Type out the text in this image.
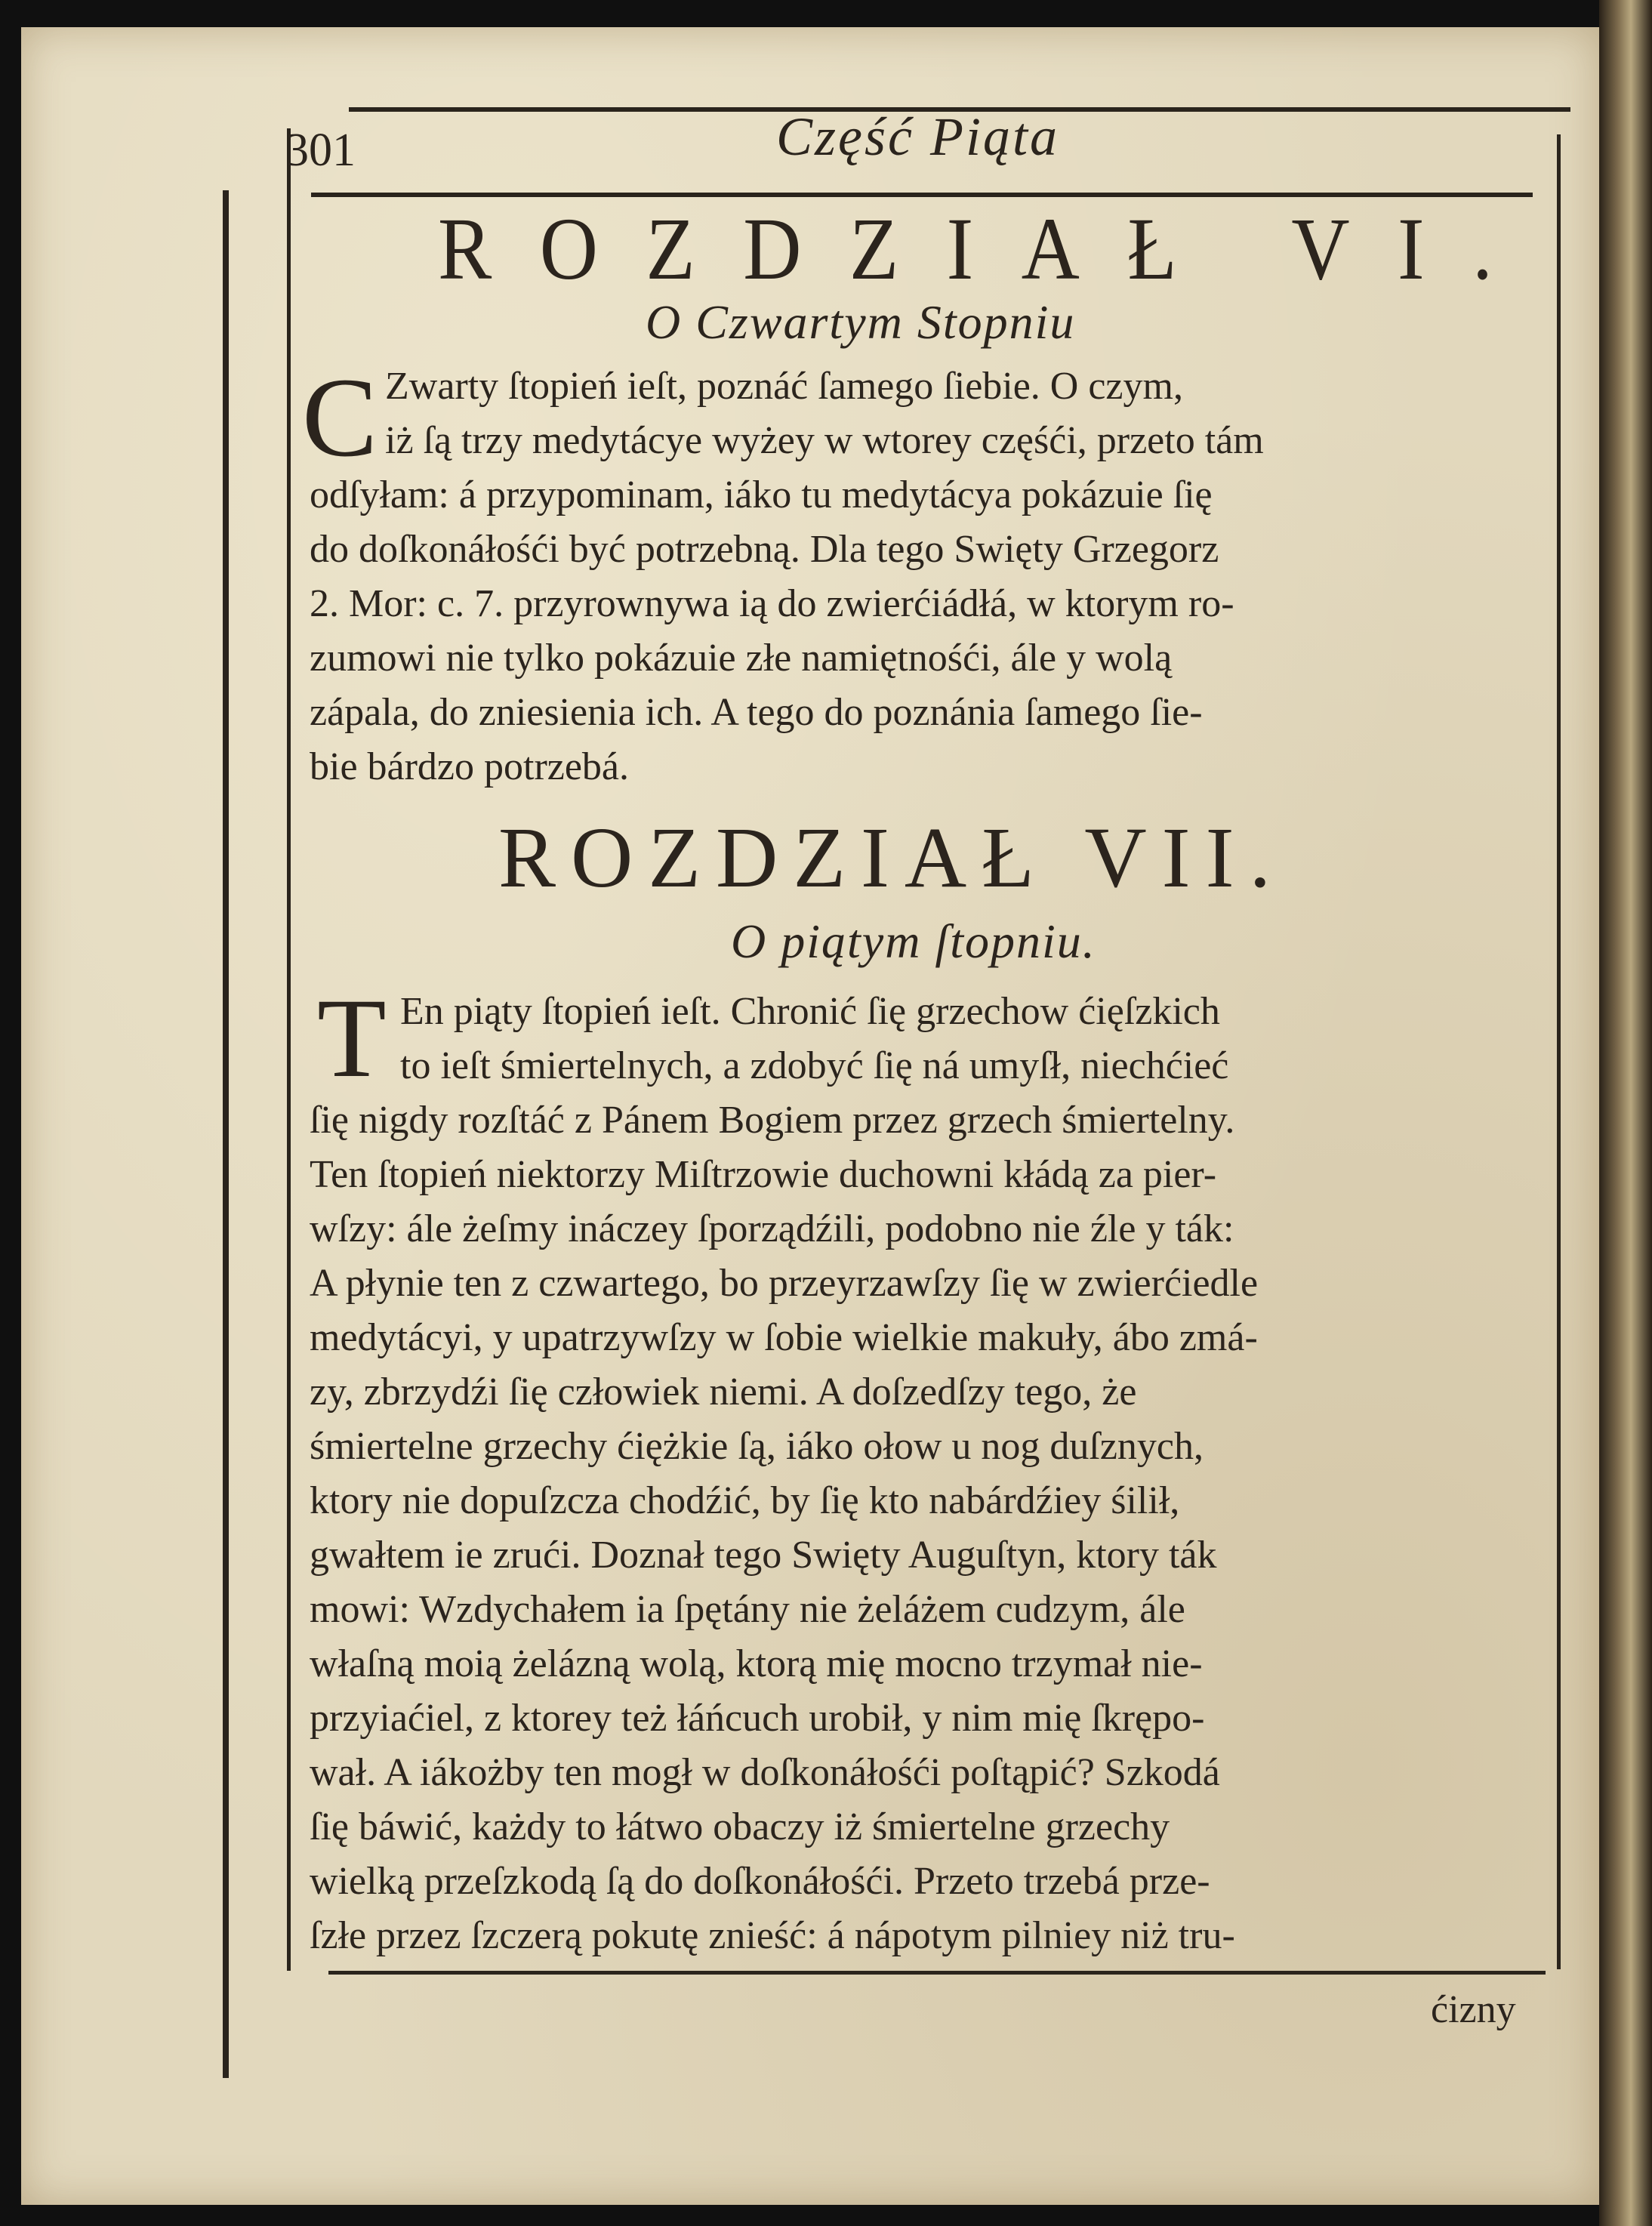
301	Część Piąta
ROZDZIAŁ VI.
O Czwartym Stopniu
C Zwarty ſtopień ieſt, poznáć ſamego ſiebie. O czym,
iż ſą trzy medytácye wyżey w wtorey częśći, przeto tám
odſyłam: á przypominam, iáko tu medytácya pokázuie ſię
do doſkonáłośći być potrzebną. Dla tego Swięty Grzegorz
2. Mor: c. 7. przyrownywa ią do zwierćiádłá, w ktorym ro-
zumowi nie tylko pokázuie złe namiętnośći, ále y wolą
zápala, do zniesienia ich. A tego do poznánia ſamego ſie-
bie bárdzo potrzebá.
ROZDZIAŁ VII.
O piątym ſtopniu.
T En piąty ſtopień ieſt. Chronić ſię grzechow ćięſzkich
to ieſt śmiertelnych, a zdobyć ſię ná umyſł, niechćieć
ſię nigdy rozſtáć z Pánem Bogiem przez grzech śmiertelny.
Ten ſtopień niektorzy Miſtrzowie duchowni kłádą za pier-
wſzy: ále żeſmy ináczey ſporządźili, podobno nie źle y ták:
A płynie ten z czwartego, bo przeyrzawſzy ſię w zwierćiedle
medytácyi, y upatrzywſzy w ſobie wielkie makuły, ábo zmá-
zy, zbrzydźi ſię człowiek niemi. A doſzedſzy tego, że
śmiertelne grzechy ćiężkie ſą, iáko ołow u nog duſznych,
ktory nie dopuſzcza chodźić, by ſię kto nabárdźiey śilił,
gwałtem ie zrući. Doznał tego Swięty Auguſtyn, ktory ták
mowi: Wzdychałem ia ſpętány nie żeláżem cudzym, ále
właſną moią żelázną wolą, ktorą mię mocno trzymał nie-
przyiaćiel, z ktorey też łáńcuch urobił, y nim mię ſkrępo-
wał. A iákożby ten mogł w doſkonáłośći poſtąpić? Szkodá
ſię báwić, każdy to łátwo obaczy iż śmiertelne grzechy
wielką przeſzkodą ſą do doſkonáłośći. Przeto trzebá prze-
ſzłe przez ſzczerą pokutę znieść: á nápotym pilniey niż tru-
ćizny
